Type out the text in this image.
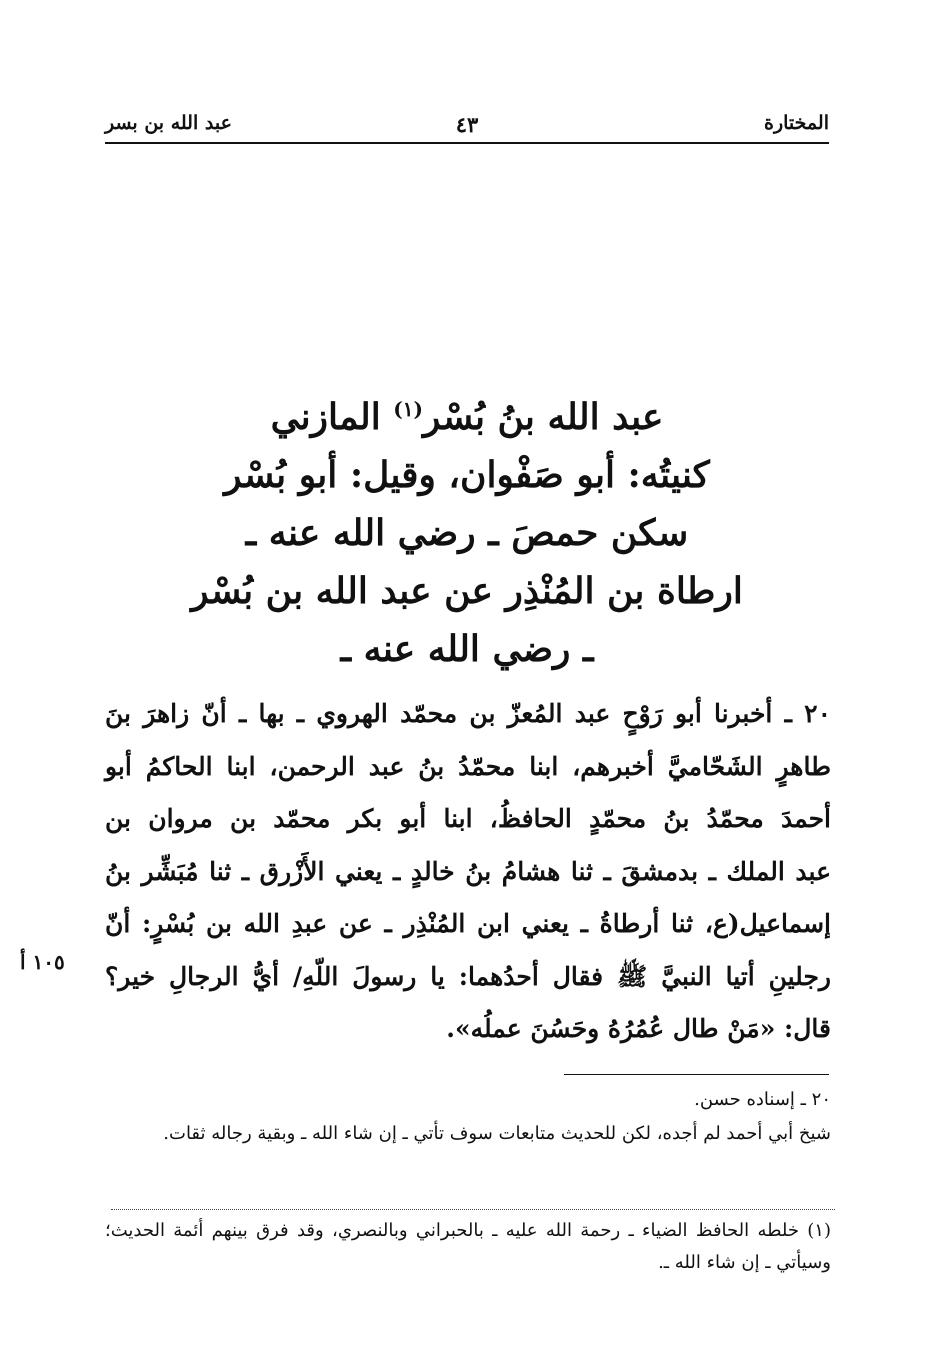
المختارة
٤٣
عبد الله بن بسر
عبد الله بنُ بُسْر$^{(١)}$ المازني
كنيتُه: أبو صَفْوان، وقيل: أبو بُسْر
سكن حمصَ ـ رضي الله عنه ـ
ارطاة بن المُنْذِر عن عبد الله بن بُسْر
ـ رضي الله عنه ـ
٢٠ ـ أخبرنا أبو رَوْحٍ عبد المُعزّ بن محمّد الهروي ـ بها ـ أنّ زاهرَ بنَ
طاهرٍ الشَحّاميَّ أخبرهم، ابنا محمّدُ بنُ عبد الرحمن، ابنا الحاكمُ أبو
أحمدَ محمّدُ بنُ محمّدٍ الحافظُ، ابنا أبو بكر محمّد بن مروان بن
عبد الملك ـ بدمشقَ ـ ثنا هشامُ بنُ خالدٍ ـ يعني الأَزْرق ـ ثنا مُبَشِّر بنُ
إسماعيل(ع، ثنا أرطاةُ ـ يعني ابن المُنْذِر ـ عن عبدِ الله بن بُسْرٍ: أنّ
رجلينِ أتيا النبيَّ ﷺ فقال أحدُهما: يا رسولَ اللّهِ/ أيُّ الرجالِ خير؟
قال: «مَنْ طال عُمُرُهُ وحَسُنَ عملُه».
١٠٥ أ
٢٠ ـ إسناده حسن.
شيخ أبي أحمد لم أجده، لكن للحديث متابعات سوف تأتي ـ إن شاء الله ـ وبقية رجاله ثقات.
(١) خلطه الحافظ الضياء ـ رحمة الله عليه ـ بالحبراني وبالنصري، وقد فرق بينهم أئمة الحديث؛ وسيأتي ـ إن شاء الله ـ.
